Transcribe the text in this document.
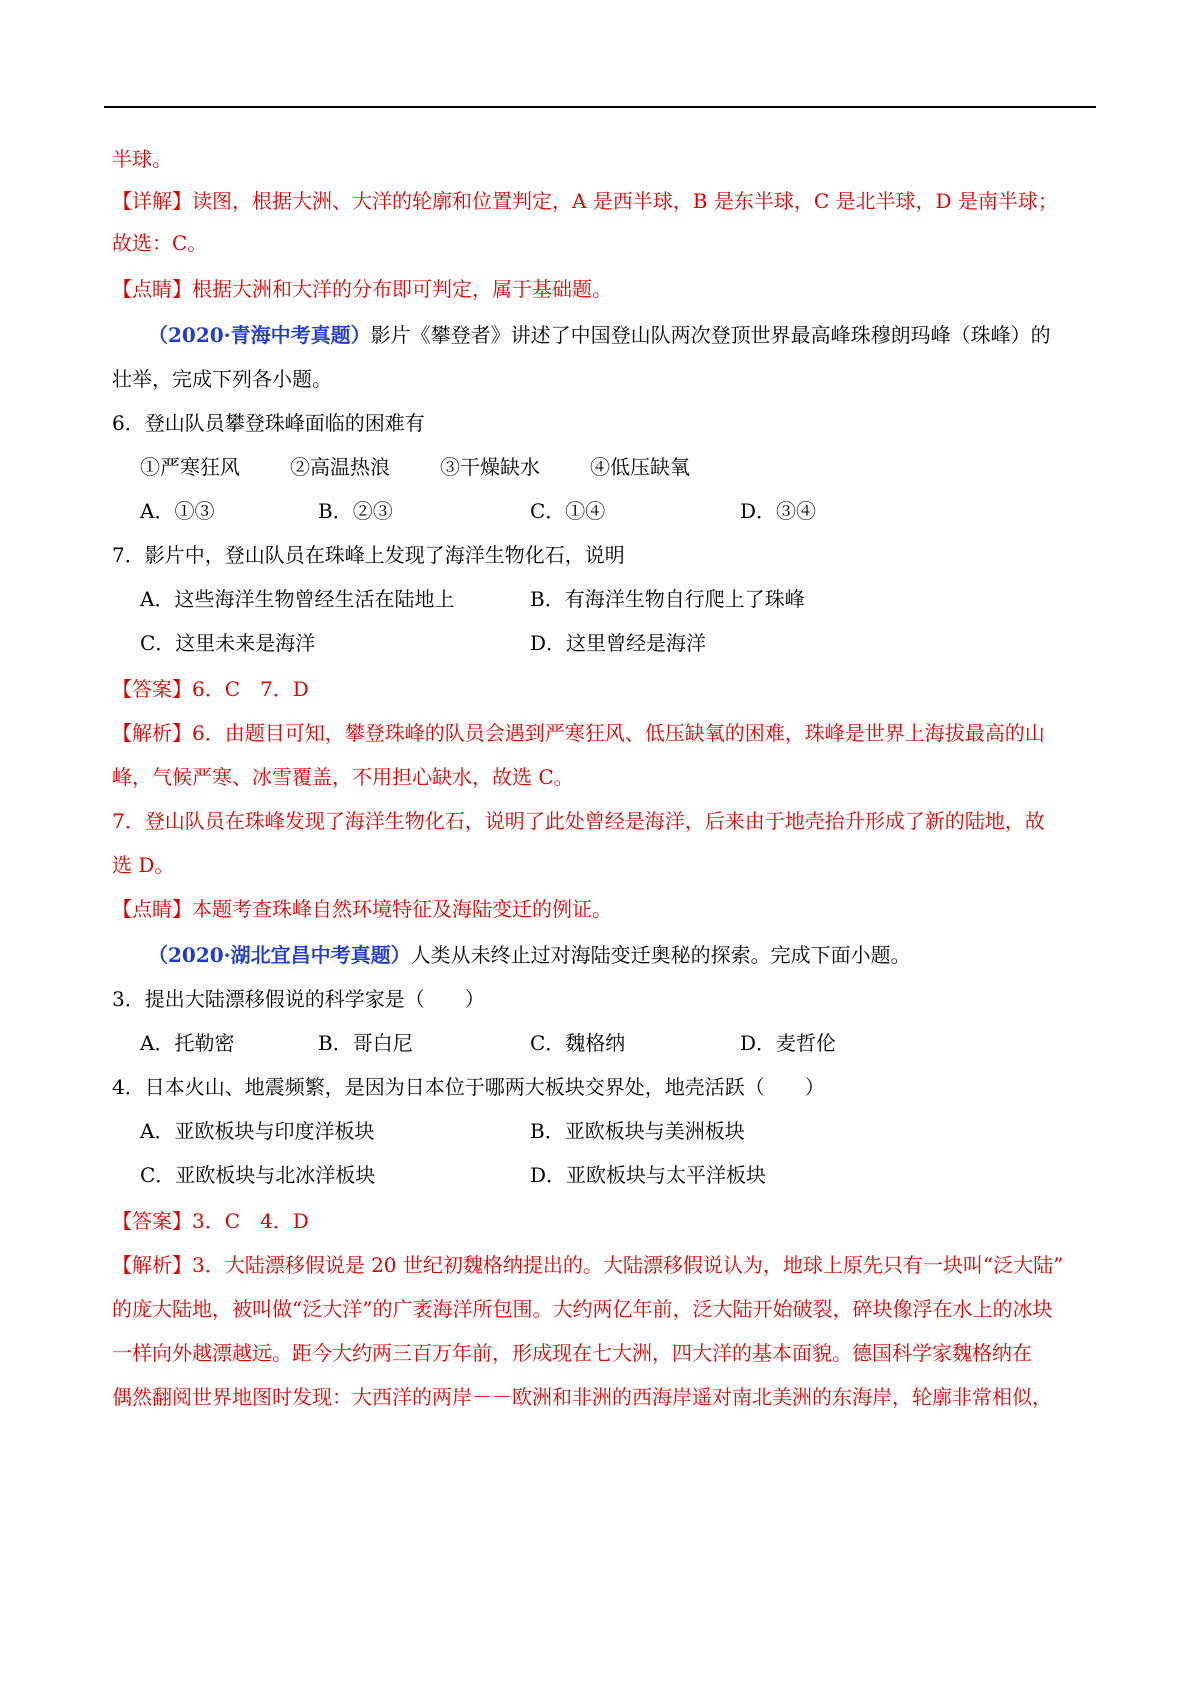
半球。
【详解】读图，根据大洲、大洋的轮廓和位置判定，A 是西半球，B 是东半球，C 是北半球，D 是南半球；
故选：C。
【点睛】根据大洲和大洋的分布即可判定，属于基础题。
（2020·青海中考真题）影片《攀登者》讲述了中国登山队两次登顶世界最高峰珠穆朗玛峰（珠峰）的
壮举，完成下列各小题。
6．登山队员攀登珠峰面临的困难有
①严寒狂风	②高温热浪	③干燥缺水	④低压缺氧
A．①③	B．②③	C．①④	D．③④
7．影片中，登山队员在珠峰上发现了海洋生物化石，说明
A．这些海洋生物曾经生活在陆地上	B．有海洋生物自行爬上了珠峰
C．这里未来是海洋	D．这里曾经是海洋
【答案】6．C　7．D
【解析】6．由题目可知，攀登珠峰的队员会遇到严寒狂风、低压缺氧的困难，珠峰是世界上海拔最高的山
峰，气候严寒、冰雪覆盖，不用担心缺水，故选 C。
7．登山队员在珠峰发现了海洋生物化石，说明了此处曾经是海洋，后来由于地壳抬升形成了新的陆地，故
选 D。
【点睛】本题考查珠峰自然环境特征及海陆变迁的例证。
（2020·湖北宜昌中考真题）人类从未终止过对海陆变迁奥秘的探索。完成下面小题。
3．提出大陆漂移假说的科学家是（　　）
A．托勒密	B．哥白尼	C．魏格纳	D．麦哲伦
4．日本火山、地震频繁，是因为日本位于哪两大板块交界处，地壳活跃（　　）
A．亚欧板块与印度洋板块	B．亚欧板块与美洲板块
C．亚欧板块与北冰洋板块	D．亚欧板块与太平洋板块
【答案】3．C　4．D
【解析】3．大陆漂移假说是 20 世纪初魏格纳提出的。大陆漂移假说认为，地球上原先只有一块叫“泛大陆”
的庞大陆地，被叫做“泛大洋”的广袤海洋所包围。大约两亿年前，泛大陆开始破裂，碎块像浮在水上的冰块
一样向外越漂越远。距今大约两三百万年前，形成现在七大洲，四大洋的基本面貌。德国科学家魏格纳在
偶然翻阅世界地图时发现：大西洋的两岸－－欧洲和非洲的西海岸遥对南北美洲的东海岸，轮廓非常相似，
